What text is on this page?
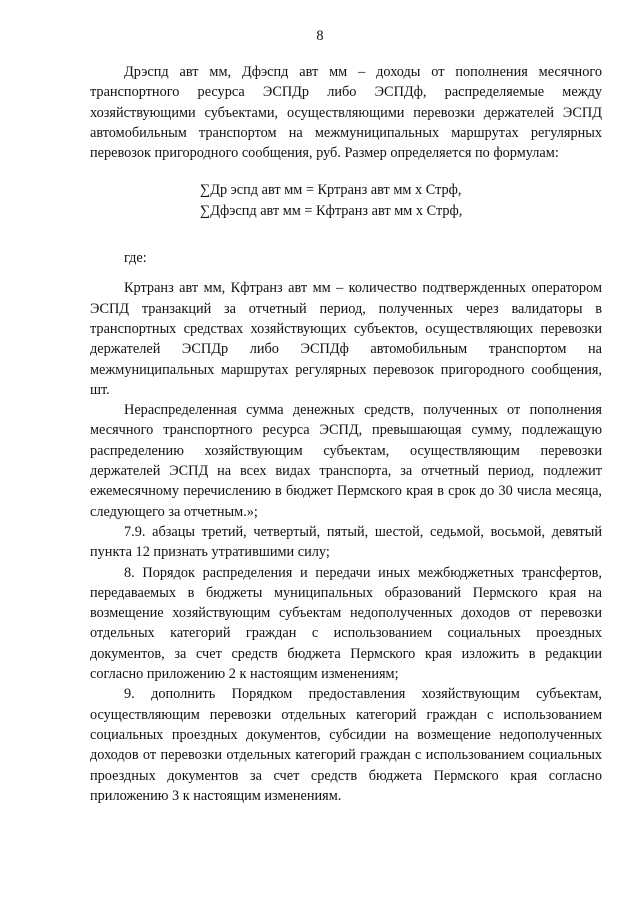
8

Дрэспд авт мм, Дфэспд авт мм – доходы от пополнения месячного транспортного ресурса ЭСПДр либо ЭСПДф, распределяемые между хозяйствующими субъектами, осуществляющими перевозки держателей ЭСПД автомобильным транспортом на межмуниципальных маршрутах регулярных перевозок пригородного сообщения, руб. Размер определяется по формулам:

∑Др эспд авт мм = Кртранз авт мм х Стрф,
∑Дфэспд авт мм = Кфтранз авт мм х Стрф,

где:

Кртранз авт мм, Кфтранз авт мм – количество подтвержденных оператором ЭСПД транзакций за отчетный период, полученных через валидаторы в транспортных средствах хозяйствующих субъектов, осуществляющих перевозки держателей ЭСПДр либо ЭСПДф автомобильным транспортом на межмуниципальных маршрутах регулярных перевозок пригородного сообщения, шт.

Нераспределенная сумма денежных средств, полученных от пополнения месячного транспортного ресурса ЭСПД, превышающая сумму, подлежащую распределению хозяйствующим субъектам, осуществляющим перевозки держателей ЭСПД на всех видах транспорта, за отчетный период, подлежит ежемесячному перечислению в бюджет Пермского края в срок до 30 числа месяца, следующего за отчетным.»;

7.9. абзацы третий, четвертый, пятый, шестой, седьмой, восьмой, девятый пункта 12 признать утратившими силу;

8. Порядок распределения и передачи иных межбюджетных трансфертов, передаваемых в бюджеты муниципальных образований Пермского края на возмещение хозяйствующим субъектам недополученных доходов от перевозки отдельных категорий граждан с использованием социальных проездных документов, за счет средств бюджета Пермского края изложить в редакции согласно приложению 2 к настоящим изменениям;

9. дополнить Порядком предоставления хозяйствующим субъектам, осуществляющим перевозки отдельных категорий граждан с использованием социальных проездных документов, субсидии на возмещение недополученных доходов от перевозки отдельных категорий граждан с использованием социальных проездных документов за счет средств бюджета Пермского края согласно приложению 3 к настоящим изменениям.
